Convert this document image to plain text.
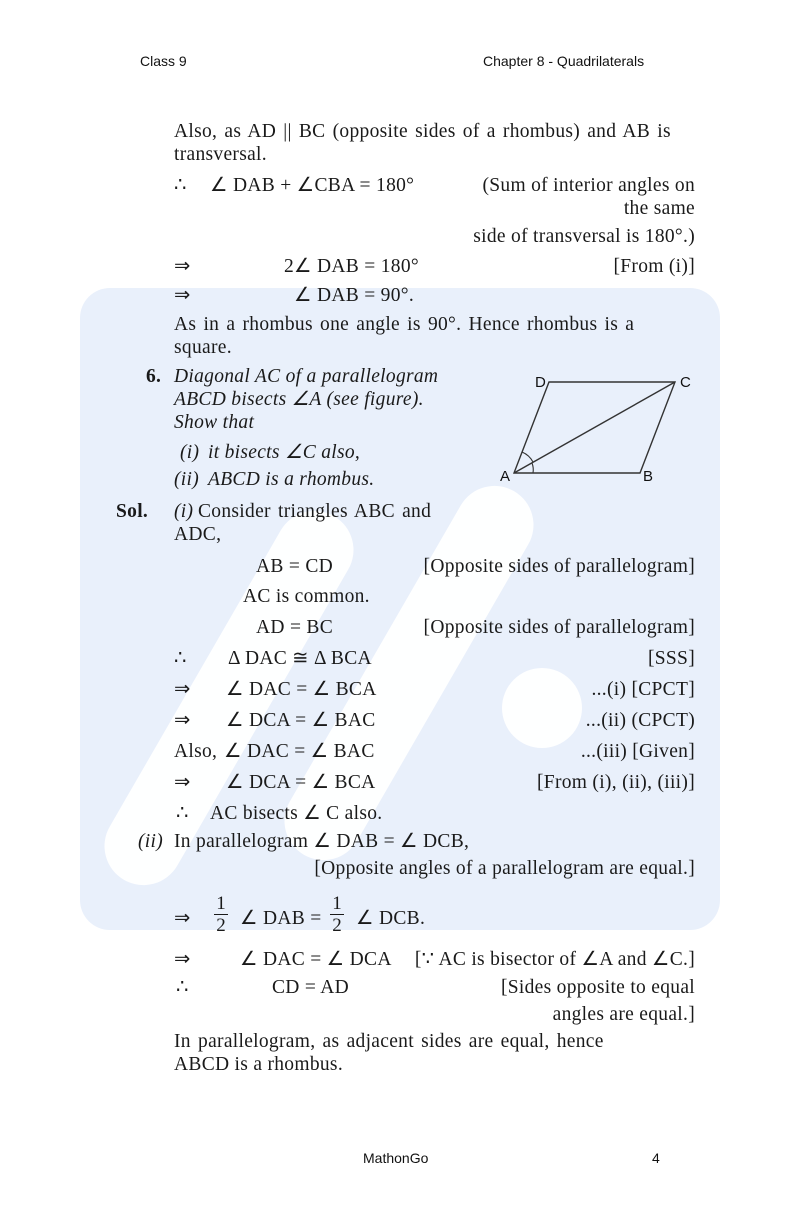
Class 9	Chapter 8 - Quadrilaterals
Also, as AD || BC (opposite sides of a rhombus) and AB is
transversal.
∴ ∠ DAB + ∠CBA = 180°	(Sum of interior angles on
the same
side of transversal is 180°.)
⇒	2∠ DAB = 180°	[From (i)]
⇒	∠ DAB = 90°.
As in a rhombus one angle is 90°. Hence rhombus is a
square.
6. Diagonal AC of a parallelogram
ABCD bisects ∠A (see figure).
Show that
(i) it bisects ∠C also,
(ii) ABCD is a rhombus.
D	C
A	B
Sol. (i) Consider triangles ABC and
ADC,
AB = CD	[Opposite sides of parallelogram]
AC is common.
AD = BC	[Opposite sides of parallelogram]
∴ Δ DAC ≅ Δ BCA	[SSS]
⇒ ∠ DAC = ∠ BCA	...(i) [CPCT]
⇒ ∠ DCA = ∠ BAC	...(ii) (CPCT)
Also, ∠ DAC = ∠ BAC	...(iii) [Given]
⇒ ∠ DCA = ∠ BCA	[From (i), (ii), (iii)]
∴ AC bisects ∠ C also.
(ii) In parallelogram ∠ DAB = ∠ DCB,
[Opposite angles of a parallelogram are equal.]
⇒ $\frac{1}{2}$ ∠ DAB = $\frac{1}{2}$ ∠ DCB.
⇒	∠ DAC = ∠ DCA [∵ AC is bisector of ∠A and ∠C.]
∴	CD = AD	[Sides opposite to equal
angles are equal.]
In parallelogram, as adjacent sides are equal, hence
ABCD is a rhombus.
MathonGo	4
